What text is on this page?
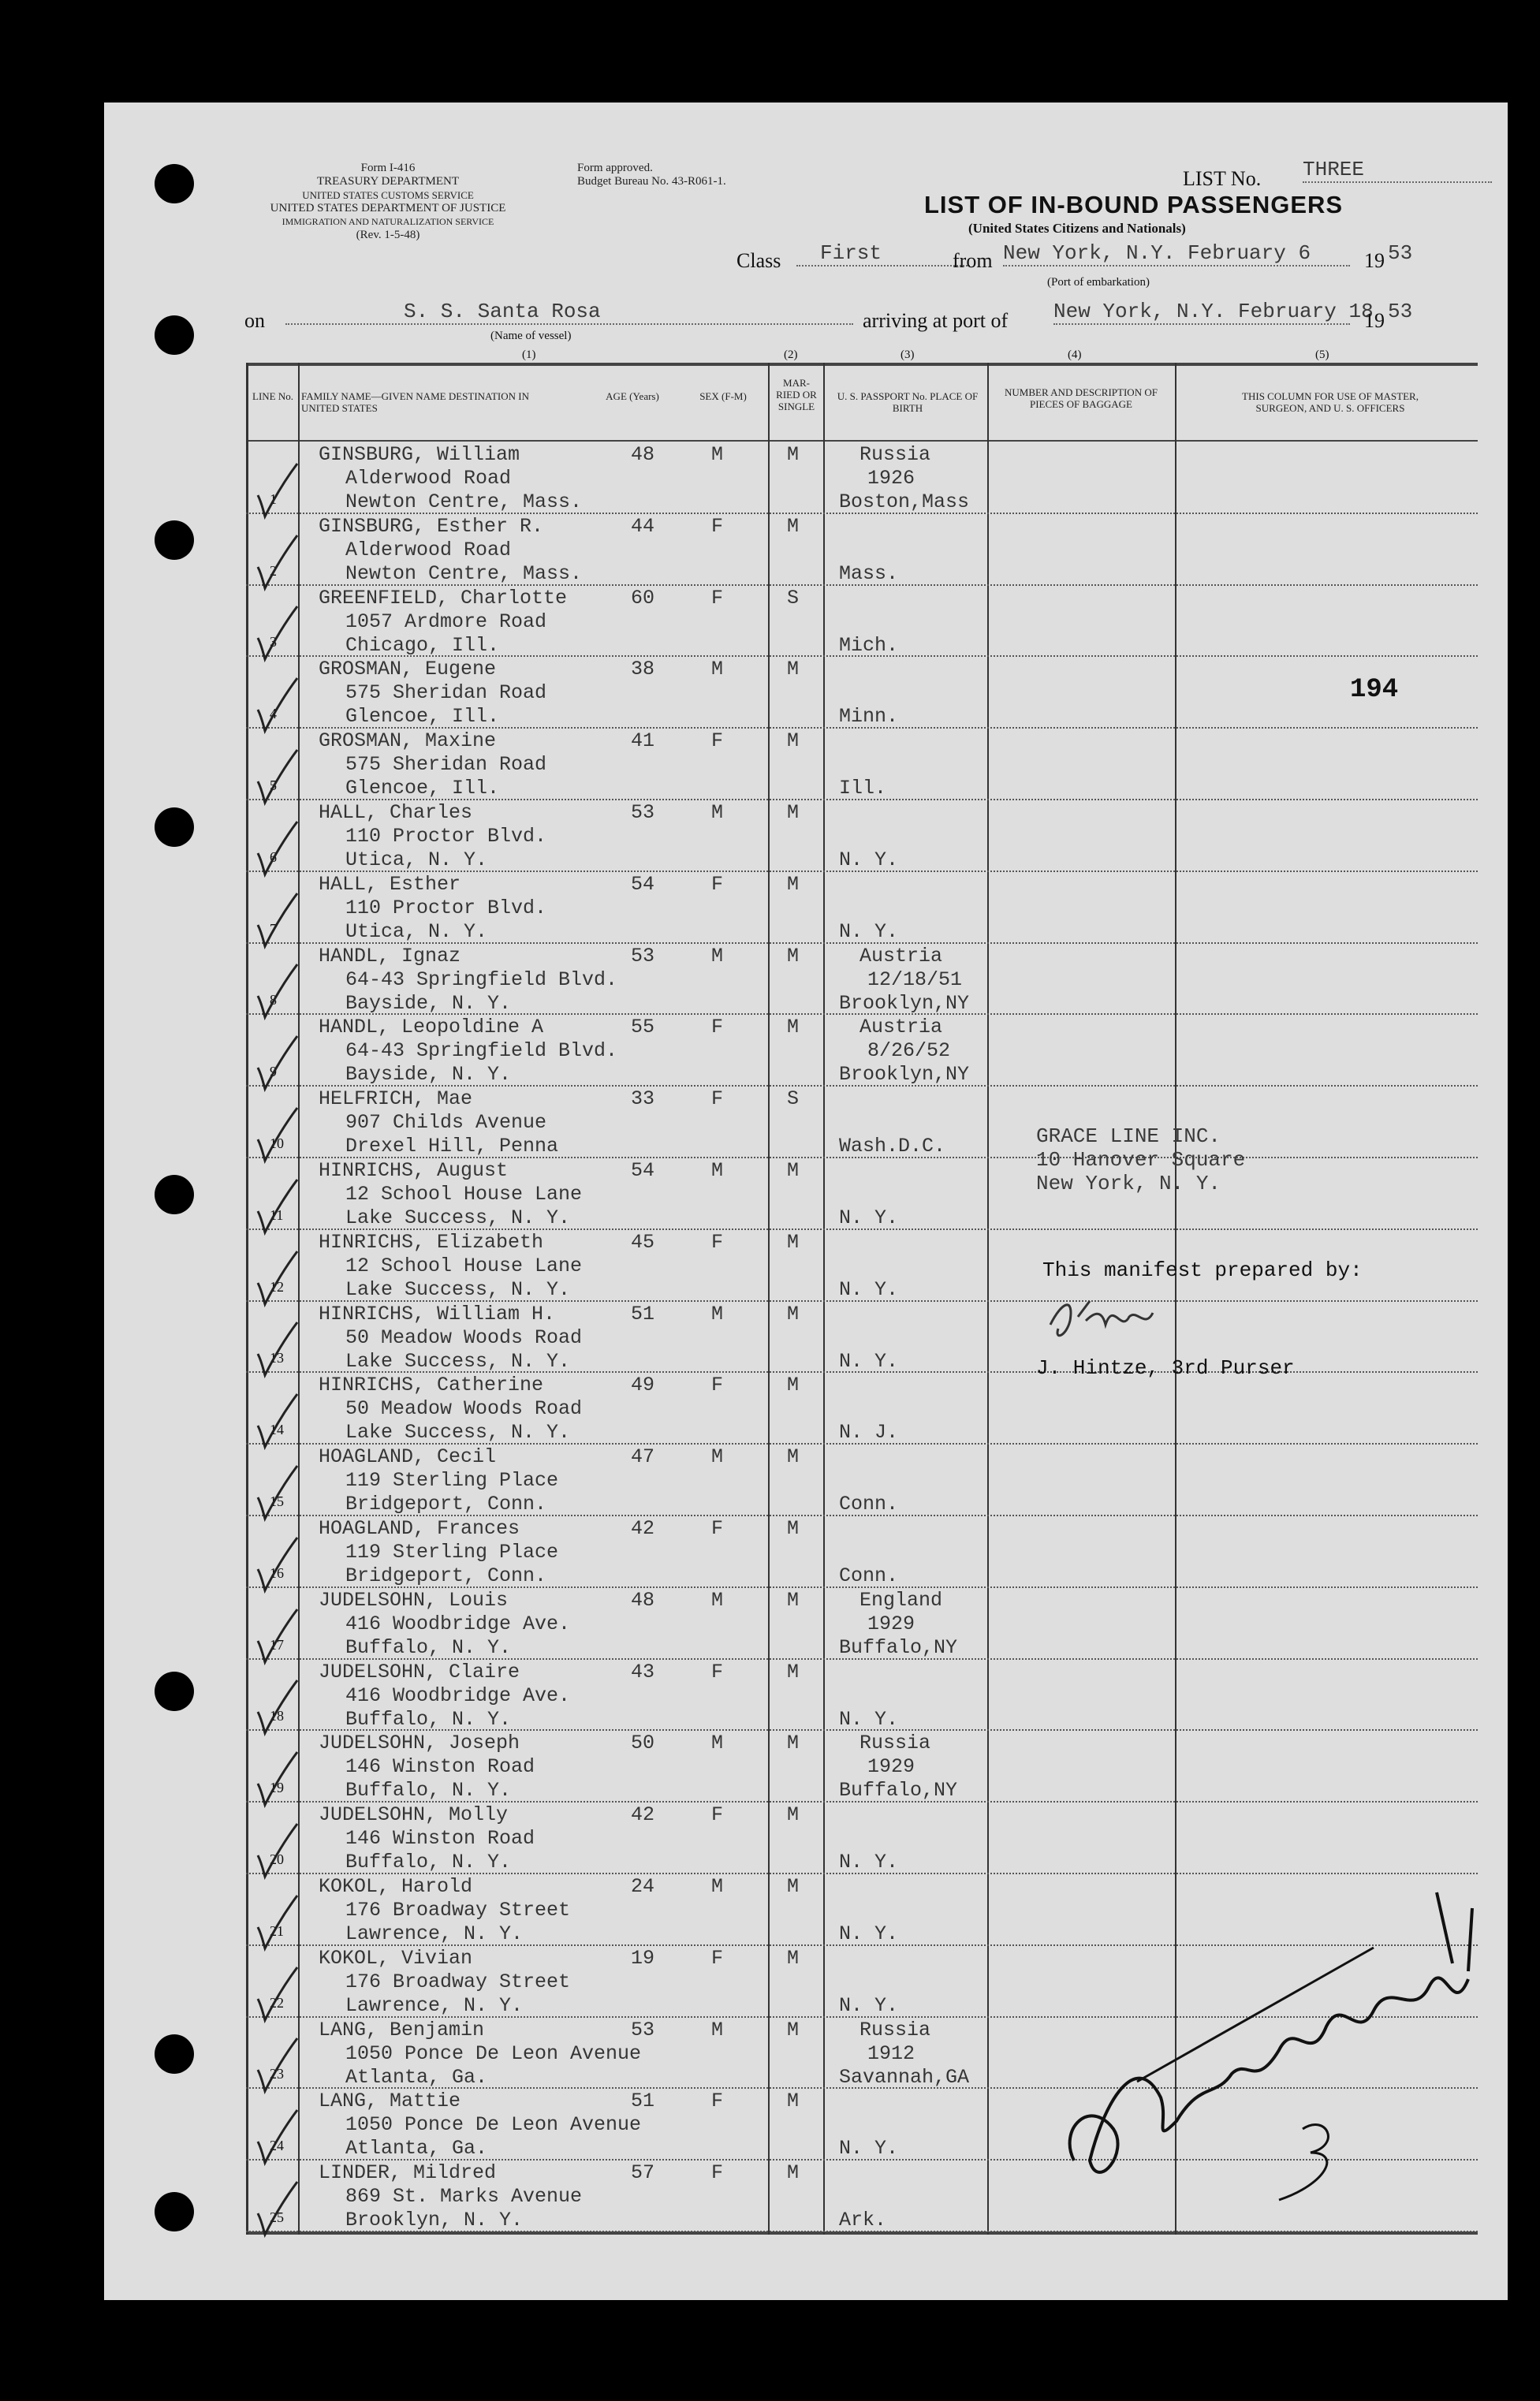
Form I-416
TREASURY DEPARTMENT
UNITED STATES CUSTOMS SERVICE
UNITED STATES DEPARTMENT OF JUSTICE
IMMIGRATION AND NATURALIZATION SERVICE
(Rev. 1-5-48)
Form approved.
Budget Bureau No. 43-R061-1.	LIST No. THREE
LIST OF IN-BOUND PASSENGERS
(United States Citizens and Nationals)
Class	First	from New York, N.Y. February 6	19 53
(Port of embarkation)
on	S. S. Santa Rosa
(Name of vessel)
arriving at port of New York, N.Y. February 18
19 53
(1)	(2)	(3)	(4)	(5)
LINE No. FAMILY NAME—GIVEN NAME DESTINATION IN UNITED STATES
AGE (Years)	SEX (F-M)
MAR-RIED OR SINGLE
U. S. PASSPORT No. PLACE OF BIRTH
NUMBER AND DESCRIPTION OF PIECES OF BAGGAGE
THIS COLUMN FOR USE OF MASTER, SURGEON, AND U. S. OFFICERS
1
GINSBURG, William
Alderwood Road
Newton Centre, Mass.
48	M	M	Russia
1926
Boston,Mass
2
GINSBURG, Esther R.
Alderwood Road
Newton Centre, Mass.
44	F	M
Mass.
3
GREENFIELD, Charlotte
1057 Ardmore Road
Chicago, Ill.
60	F	S
Mich.
4
GROSMAN, Eugene
575 Sheridan Road
Glencoe, Ill.
38	M	M
Minn.
5
GROSMAN, Maxine
575 Sheridan Road
Glencoe, Ill.
41	F	M
Ill.
6
HALL, Charles
110 Proctor Blvd.
Utica, N. Y.
53	M	M
N. Y.
7
HALL, Esther
110 Proctor Blvd.
Utica, N. Y.
54	F	M
N. Y.
8
HANDL, Ignaz
64-43 Springfield Blvd.
Bayside, N. Y.
53	M	M	Austria
12/18/51
Brooklyn,NY
9
HANDL, Leopoldine A
64-43 Springfield Blvd.
Bayside, N. Y.
55	F	M	Austria
8/26/52
Brooklyn,NY
10
HELFRICH, Mae
907 Childs Avenue
Drexel Hill, Penna
33	F	S
Wash.D.C.
11
HINRICHS, August
12 School House Lane
Lake Success, N. Y.
54	M	M
N. Y.
12
HINRICHS, Elizabeth
12 School House Lane
Lake Success, N. Y.
45	F	M
N. Y.
13
HINRICHS, William H.
50 Meadow Woods Road
Lake Success, N. Y.
51	M	M
N. Y.
14
HINRICHS, Catherine
50 Meadow Woods Road
Lake Success, N. Y.
49	F	M
N. J.
15
HOAGLAND, Cecil
119 Sterling Place
Bridgeport, Conn.
47	M	M
Conn.
16
HOAGLAND, Frances
119 Sterling Place
Bridgeport, Conn.
42	F	M
Conn.
17
JUDELSOHN, Louis
416 Woodbridge Ave.
Buffalo, N. Y.
48	M	M	England
1929
Buffalo,NY
18
JUDELSOHN, Claire
416 Woodbridge Ave.
Buffalo, N. Y.
43	F	M
N. Y.
19
JUDELSOHN, Joseph
146 Winston Road
Buffalo, N. Y.
50	M	M	Russia
1929
Buffalo,NY
20
JUDELSOHN, Molly
146 Winston Road
Buffalo, N. Y.
42	F	M
N. Y.
21
KOKOL, Harold
176 Broadway Street
Lawrence, N. Y.
24	M	M
N. Y.
22
KOKOL, Vivian
176 Broadway Street
Lawrence, N. Y.
19	F	M
N. Y.
23
LANG, Benjamin
1050 Ponce De Leon Avenue
Atlanta, Ga.
53	M	M	Russia
1912
Savannah,GA
24
LANG, Mattie
1050 Ponce De Leon Avenue
Atlanta, Ga.
51	F	M
N. Y.
25
LINDER, Mildred
869 St. Marks Avenue
Brooklyn, N. Y.
57	F	M
Ark.
194
GRACE LINE INC.
10 Hanover Square
New York, N. Y.
This manifest prepared by:
J. Hintze, 3rd Purser
